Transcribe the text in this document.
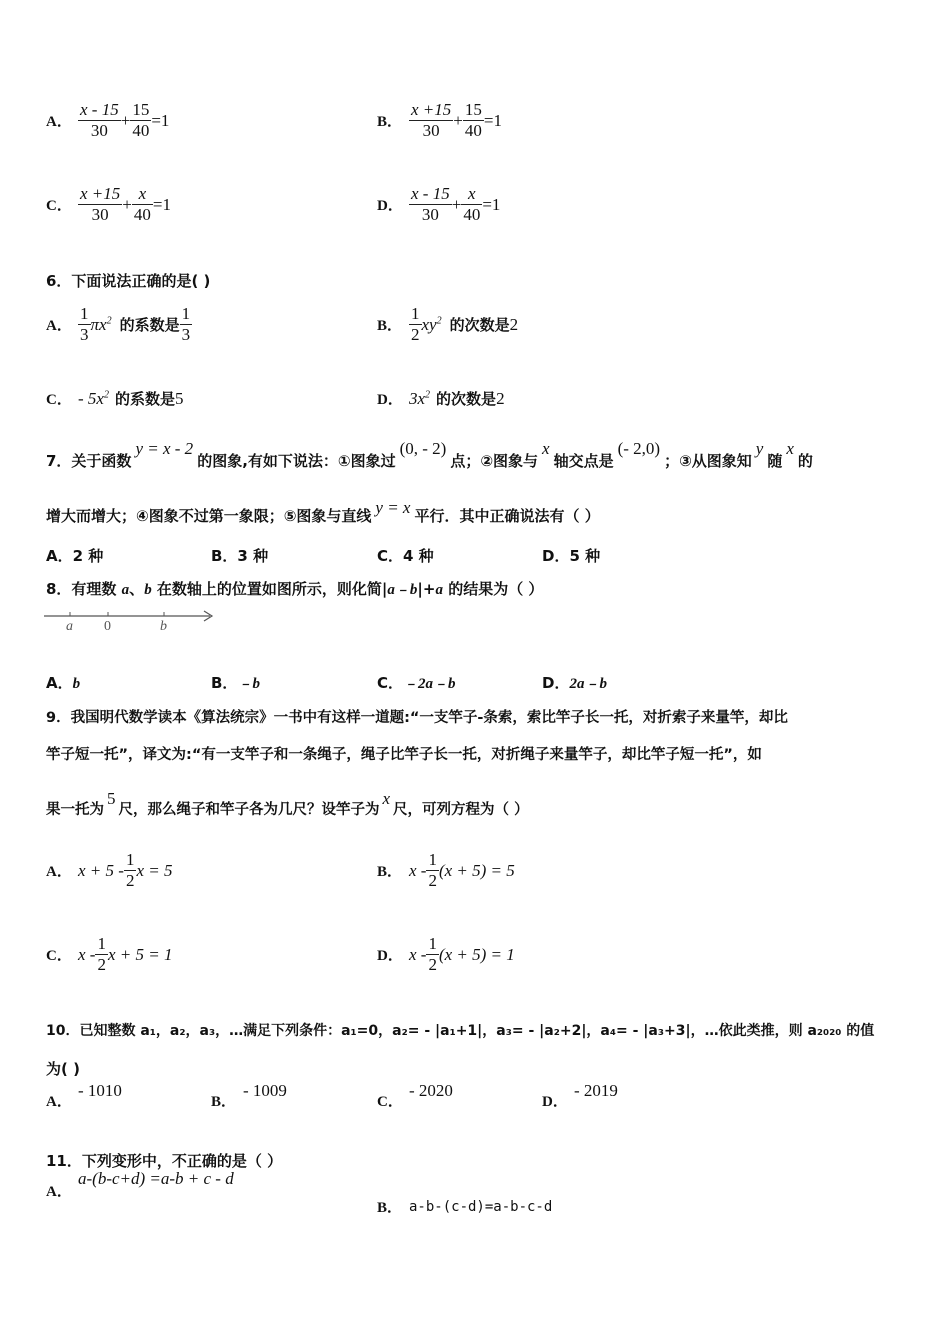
A． $\frac{x - 15}{30} + \frac{15}{40} =1$	B． $\frac{x +15}{30} + \frac{15}{40} =1$
C． $\frac{x +15}{30} + \frac{x}{40} =1$	D． $\frac{x - 15}{30} + \frac{x}{40} =1$
6．下面说法正确的是( )
A． $\frac{1}{3} \pi x^2$ 的系数是 $\frac{1}{3}$	B． $\frac{1}{2} xy^2$ 的次数是 2
C． - $5x^2$ 的系数是 5	D． $3x^2$ 的次数是 2
7．关于函数
y = x - 2
的图象,有如下说法：①图象过
(0, - 2)
点；②图象与
x
轴交点是
(- 2,0)
；③从图象知
y
随
x
的
增大而增大；④图象不过第一象限；⑤图象与直线 y = x 平行．其中正确说法有（ ）
A．2 种	B．3 种	C．4 种	D．5 种
8．有理数 a、b 在数轴上的位置如图所示，则化简|a﹣b|+a 的结果为（ ）
a 0	b
A．b	B．﹣b	C．﹣2a﹣b	D．2a﹣b
9．我国明代数学读本《算法统宗》一书中有这样一道题:“一支竿子-条索，索比竿子长一托，对折索子来量竿，却比
竿子短一托”，译文为:“有一支竿子和一条绳子，绳子比竿子长一托，对折绳子来量竿子，却比竿子短一托”，如
果一托为
5
尺，那么绳子和竿子各为几尺？设竿子为
x
尺，可列方程为（ ）
A． $x + 5 - \frac{1}{2}$ x = 5	B． $x - \frac{1}{2} (x + 5) = 5$
C． x - $\frac{1}{2}$ x + 5 = 1	D． $x - \frac{1}{2} (x + 5) = 1$
10．已知整数 a₁，a₂，a₃，…满足下列条件：a₁=0，a₂= - |a₁+1|，a₃= - |a₂+2|，a₄= - |a₃+3|，…依此类推，则 a₂₀₂₀ 的值
为( )
A．
- 1010
B．
- 1009
C．
- 2020
D．
- 2019
11．下列变形中，不正确的是（ ）
A．
a-(b-c+d) =a-b + c - d
B． a-b-(c-d)=a-b-c-d
